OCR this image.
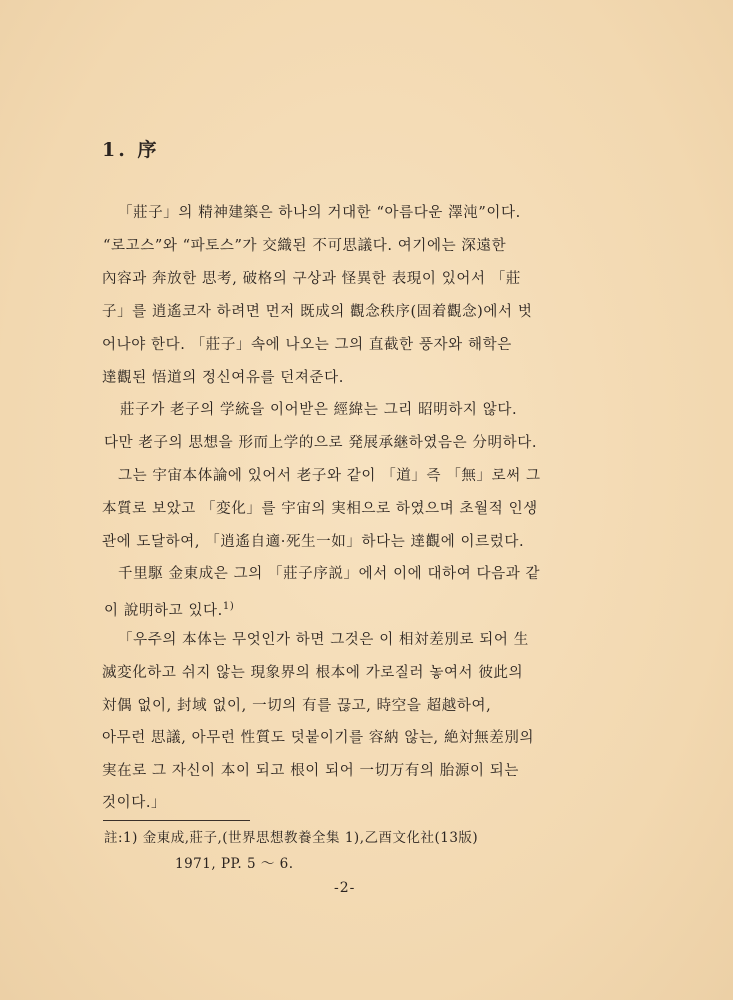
1. 序
「莊子」의 精神建築은 하나의 거대한 “아름다운 澤沌”이다.
“로고스”와 “파토스”가 交織된 不可思議다. 여기에는 深遠한
內容과 奔放한 思考, 破格의 구상과 怪異한 表現이 있어서 「莊
子」를 逍遙코자 하려면 먼저 既成의 觀念秩序(固着觀念)에서 벗
어나야 한다. 「莊子」속에 나오는 그의 直截한 풍자와 해학은
達觀된 悟道의 정신여유를 던져준다.
莊子가 老子의 学統을 이어받은 經緯는 그리 昭明하지 않다.
다만 老子의 思想을 形而上学的으로 発展承継하였음은 分明하다.
그는 宇宙本体論에 있어서 老子와 같이 「道」즉 「無」로써 그
本質로 보았고 「変化」를 宇宙의 実相으로 하였으며 초월적 인생
관에 도달하여, 「逍遙自適·死生一如」하다는 達觀에 이르렀다.
千里駆 金東成은 그의 「莊子序説」에서 이에 대하여 다음과 같
이 說明하고 있다.$^{1)}$
「우주의 本体는 무엇인가 하면 그것은 이 相対差別로 되어 生
滅変化하고 쉬지 않는 現象界의 根本에 가로질러 놓여서 彼此의
対偶 없이, 封域 없이, 一切의 有를 끊고, 時空을 超越하여,
아무런 思議, 아무런 性質도 덧붙이기를 容納 않는, 絶対無差別의
実在로 그 자신이 本이 되고 根이 되어 一切万有의 胎源이 되는
것이다.」
註:1) 金東成,莊子,(世界思想教養全集 1),乙酉文化社(13版)
1971, PP. 5 〜 6.
-2-
